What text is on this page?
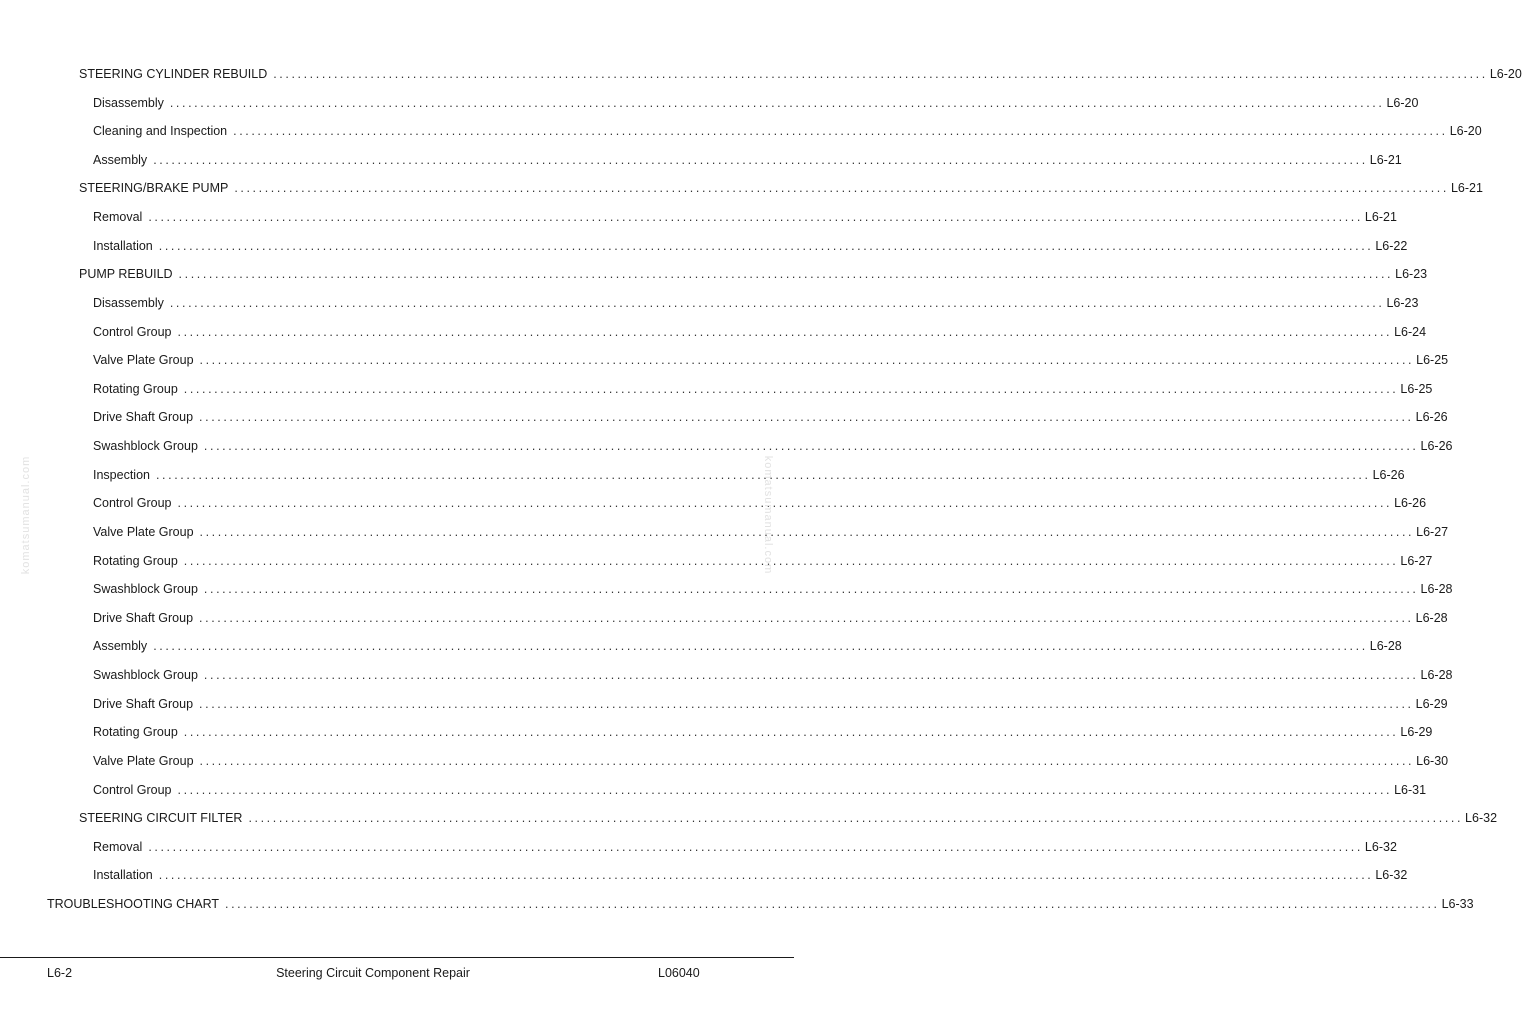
STEERING CYLINDER REBUILD ........................................................................................................................................................................................................ L6-20
Disassembly ........................................................................................................................................................................................................ L6-20
Cleaning and Inspection ........................................................................................................................................................................................................ L6-20
Assembly ........................................................................................................................................................................................................ L6-21
STEERING/BRAKE PUMP ........................................................................................................................................................................................................ L6-21
Removal ........................................................................................................................................................................................................ L6-21
Installation ........................................................................................................................................................................................................ L6-22
PUMP REBUILD ........................................................................................................................................................................................................ L6-23
Disassembly ........................................................................................................................................................................................................ L6-23
Control Group ........................................................................................................................................................................................................ L6-24
Valve Plate Group ........................................................................................................................................................................................................ L6-25
Rotating Group ........................................................................................................................................................................................................ L6-25
Drive Shaft Group ........................................................................................................................................................................................................ L6-26
Swashblock Group ........................................................................................................................................................................................................ L6-26
Inspection ........................................................................................................................................................................................................ L6-26
Control Group ........................................................................................................................................................................................................ L6-26
Valve Plate Group ........................................................................................................................................................................................................ L6-27
Rotating Group ........................................................................................................................................................................................................ L6-27
Swashblock Group ........................................................................................................................................................................................................ L6-28
Drive Shaft Group ........................................................................................................................................................................................................ L6-28
Assembly ........................................................................................................................................................................................................ L6-28
Swashblock Group ........................................................................................................................................................................................................ L6-28
Drive Shaft Group ........................................................................................................................................................................................................ L6-29
Rotating Group ........................................................................................................................................................................................................ L6-29
Valve Plate Group ........................................................................................................................................................................................................ L6-30
Control Group ........................................................................................................................................................................................................ L6-31
STEERING CIRCUIT FILTER ........................................................................................................................................................................................................ L6-32
Removal ........................................................................................................................................................................................................ L6-32
Installation ........................................................................................................................................................................................................ L6-32
TROUBLESHOOTING CHART ........................................................................................................................................................................................................ L6-33
komatsumanual.com	komatsumanual.com
L6-2	Steering Circuit Component Repair	L06040
